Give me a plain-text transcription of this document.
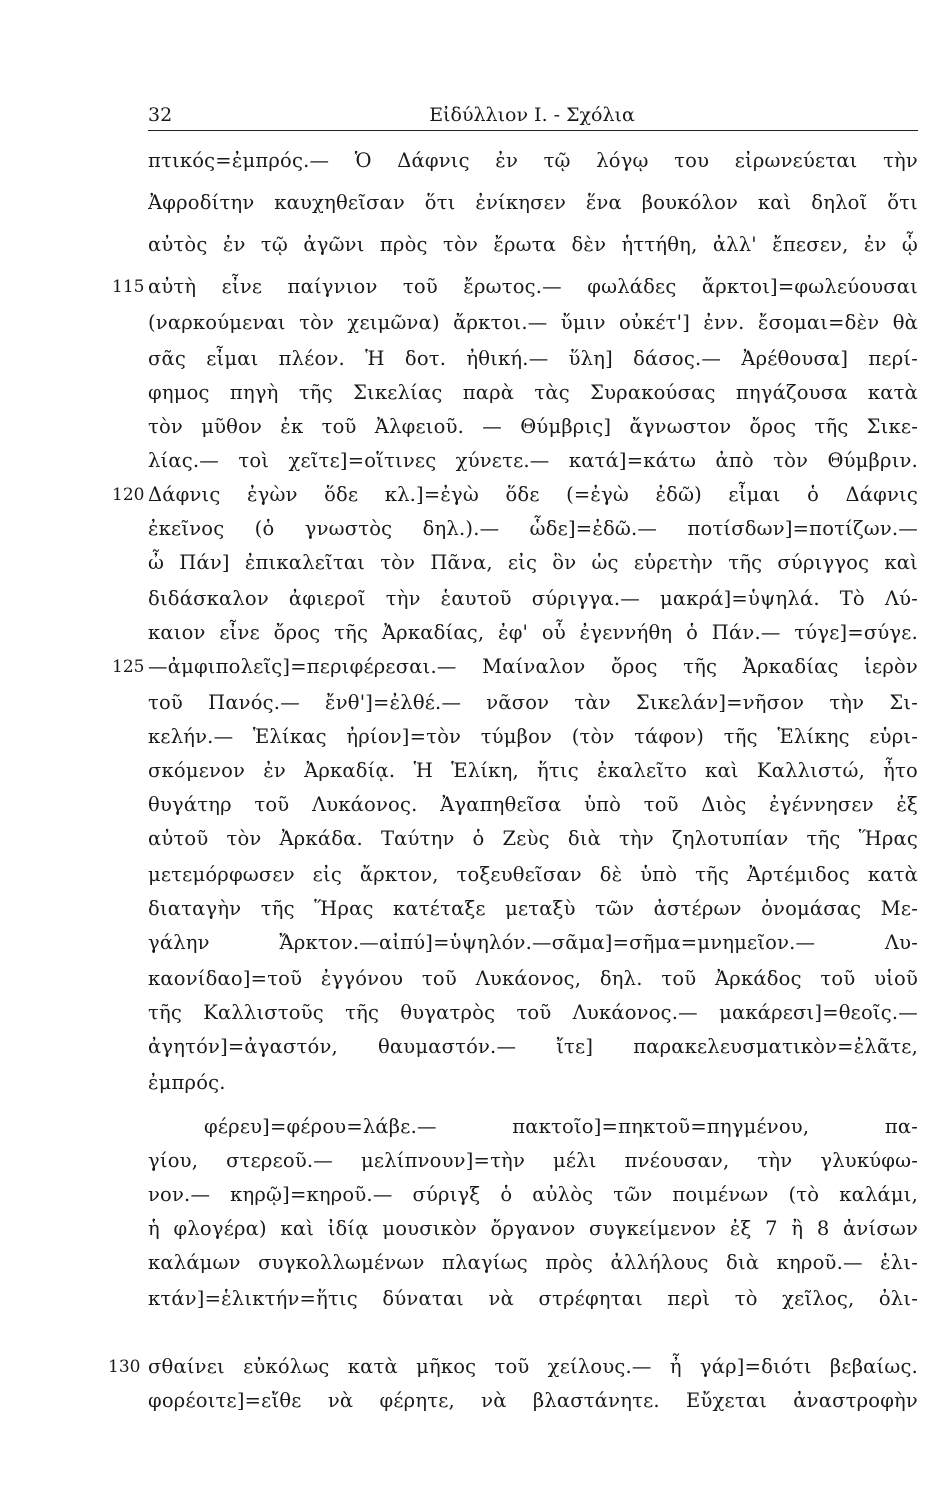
32	Εἰδύλλιον Ι. - Σχόλια
115
120
125
130
πτικός=ἐμπρός.— Ὁ Δάφνις ἐν τῷ λόγῳ του εἰρωνεύεται τὴν
Ἀφροδίτην καυχηθεῖσαν ὅτι ἐνίκησεν ἕνα βουκόλον καὶ δηλοῖ ὅτι
αὐτὸς ἐν τῷ ἀγῶνι πρὸς τὸν ἔρωτα δὲν ἡττήθη, ἀλλ' ἔπεσεν, ἐν ᾧ
αὐτὴ εἶνε παίγνιον τοῦ ἔρωτος.— φωλάδες ἄρκτοι]=φωλεύουσαι
(ναρκούμεναι τὸν χειμῶνα) ἄρκτοι.— ὔμιν οὐκέτ'] ἐνν. ἔσομαι=δὲν θὰ
σᾶς εἶμαι πλέον. Ἡ δοτ. ἠθική.— ὕλη] δάσος.— Ἀρέθουσα] περί-
φημος πηγὴ τῆς Σικελίας παρὰ τὰς Συρακούσας πηγάζουσα κατὰ
τὸν μῦθον ἐκ τοῦ Ἀλφειοῦ. — Θύμβρις] ἄγνωστον ὄρος τῆς Σικε-
λίας.— τοὶ χεῖτε]=οἵτινες χύνετε.— κατά]=κάτω ἀπὸ τὸν Θύμβριν.
Δάφνις ἐγὼν ὅδε κλ.]=ἐγὼ ὅδε (=ἐγὼ ἐδῶ) εἶμαι ὁ Δάφνις
ἐκεῖνος (ὁ γνωστὸς δηλ.).— ὧδε]=ἐδῶ.— ποτίσδων]=ποτίζων.—
ὦ Πάν] ἐπικαλεῖται τὸν Πᾶνα, εἰς ὃν ὡς εὑρετὴν τῆς σύριγγος καὶ
διδάσκαλον ἀφιεροῖ τὴν ἑαυτοῦ σύριγγα.— μακρά]=ὑψηλά. Τὸ Λύ-
καιον εἶνε ὄρος τῆς Ἀρκαδίας, ἐφ' οὗ ἐγεννήθη ὁ Πάν.— τύγε]=σύγε.
—ἀμφιπολεῖς]=περιφέρεσαι.— Μαίναλον ὄρος τῆς Ἀρκαδίας ἱερὸν
τοῦ Πανός.— ἔνθ']=ἐλθέ.— νᾶσον τὰν Σικελάν]=νῆσον τὴν Σι-
κελήν.— Ἑλίκας ἠρίον]=τὸν τύμβον (τὸν τάφον) τῆς Ἑλίκης εὑρι-
σκόμενον ἐν Ἀρκαδίᾳ. Ἡ Ἑλίκη, ἥτις ἐκαλεῖτο καὶ Καλλιστώ, ἦτο
θυγάτηρ τοῦ Λυκάονος. Ἀγαπηθεῖσα ὑπὸ τοῦ Διὸς ἐγέννησεν ἐξ
αὐτοῦ τὸν Ἀρκάδα. Ταύτην ὁ Ζεὺς διὰ τὴν ζηλοτυπίαν τῆς Ἥρας
μετεμόρφωσεν εἰς ἄρκτον, τοξευθεῖσαν δὲ ὑπὸ τῆς Ἀρτέμιδος κατὰ
διαταγὴν τῆς Ἥρας κατέταξε μεταξὺ τῶν ἀστέρων ὀνομάσας Με-
γάλην Ἄρκτον.—αἰπύ]=ὑψηλόν.—σᾶμα]=σῆμα=μνημεῖον.— Λυ-
καονίδαο]=τοῦ ἐγγόνου τοῦ Λυκάονος, δηλ. τοῦ Ἀρκάδος τοῦ υἱοῦ
τῆς Καλλιστοῦς τῆς θυγατρὸς τοῦ Λυκάονος.— μακάρεσι]=θεοῖς.—
ἀγητόν]=ἀγαστόν, θαυμαστόν.— ἴτε] παρακελευσματικὸν=ἐλᾶτε,
ἐμπρός.
φέρευ]=φέρου=λάβε.— πακτοῖο]=πηκτοῦ=πηγμένου, πα-
γίου, στερεοῦ.— μελίπνουν]=τὴν μέλι πνέουσαν, τὴν γλυκύφω-
νον.— κηρῷ]=κηροῦ.— σύριγξ ὁ αὐλὸς τῶν ποιμένων (τὸ καλάμι,
ἡ φλογέρα) καὶ ἰδίᾳ μουσικὸν ὄργανον συγκείμενον ἐξ 7 ἢ 8 ἀνίσων
καλάμων συγκολλωμένων πλαγίως πρὸς ἀλλήλους διὰ κηροῦ.— ἑλι-
κτάν]=ἑλικτήν=ἥτις δύναται νὰ στρέφηται περὶ τὸ χεῖλος, ὀλι-
σθαίνει εὐκόλως κατὰ μῆκος τοῦ χείλους.— ἦ γάρ]=διότι βεβαίως.
φορέοιτε]=εἴθε νὰ φέρητε, νὰ βλαστάνητε. Εὔχεται ἀναστροφὴν
